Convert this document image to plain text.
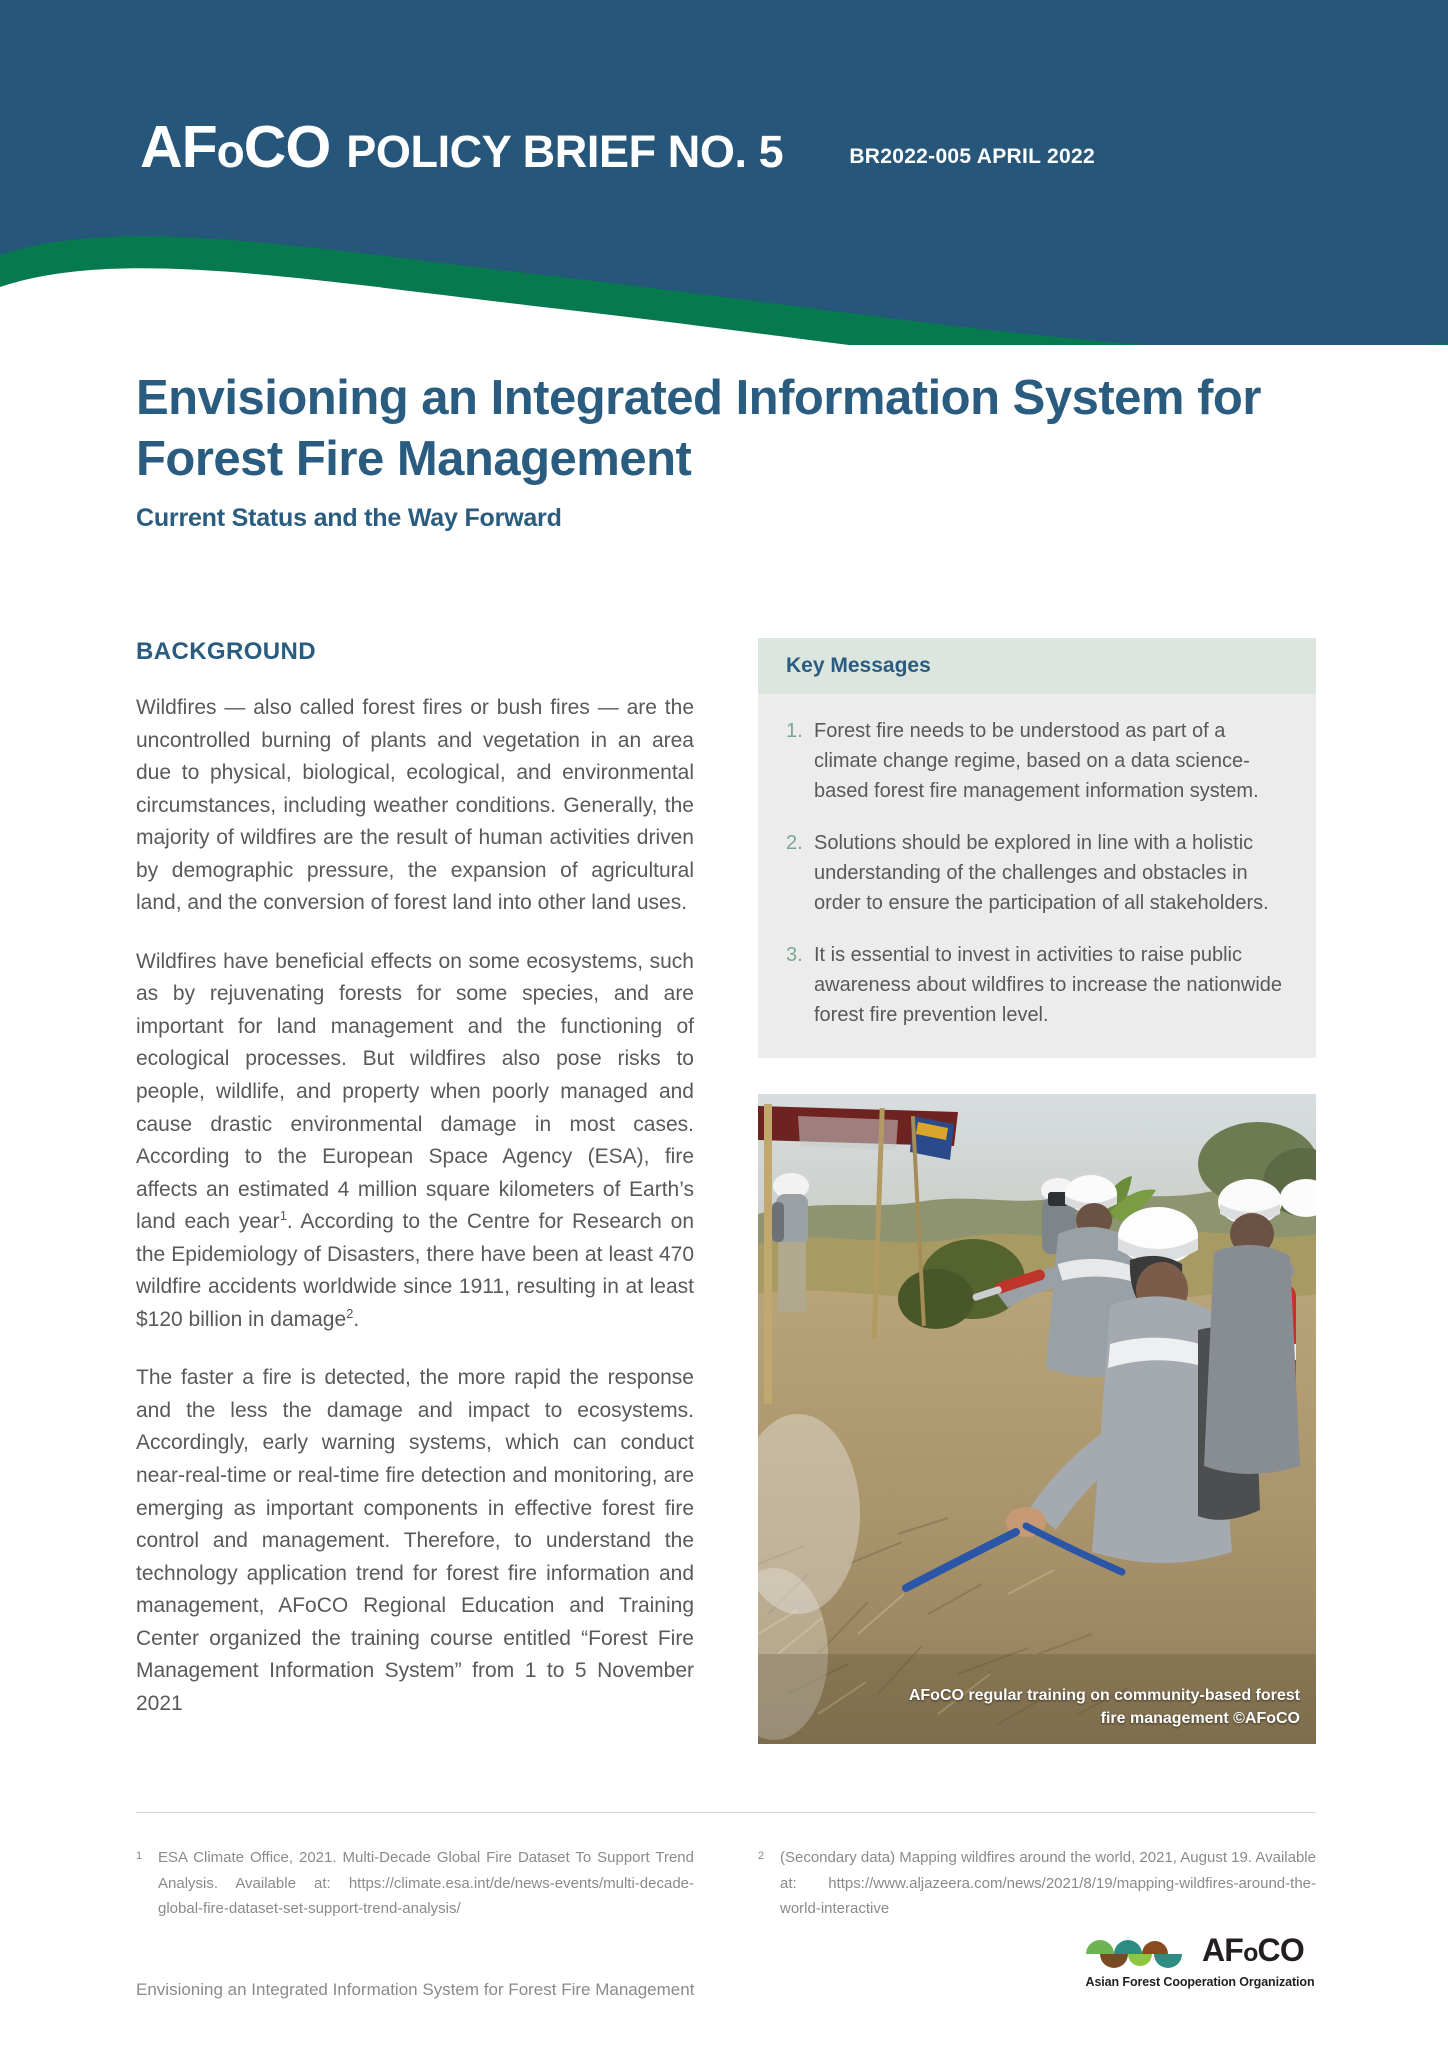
AFoCO POLICY BRIEF NO. 5	BR2022-005 APRIL 2022
Envisioning an Integrated Information System for Forest Fire Management

Current Status and the Way Forward

BACKGROUND

Wildfires — also called forest fires or bush fires — are the uncontrolled burning of plants and vegetation in an area due to physical, biological, ecological, and environmental circumstances, including weather conditions. Generally, the majority of wildfires are the result of human activities driven by demographic pressure, the expansion of agricultural land, and the conversion of forest land into other land uses.

Wildfires have beneficial effects on some ecosystems, such as by rejuvenating forests for some species, and are important for land management and the functioning of ecological processes. But wildfires also pose risks to people, wildlife, and property when poorly managed and cause drastic environmental damage in most cases. According to the European Space Agency (ESA), fire affects an estimated 4 million square kilometers of Earth’s land each year$^1$. According to the Centre for Research on the Epidemiology of Disasters, there have been at least 470 wildfire accidents worldwide since 1911, resulting in at least $120 billion in damage$^2$.

The faster a fire is detected, the more rapid the response and the less the damage and impact to ecosystems. Accordingly, early warning systems, which can conduct near-real-time or real-time fire detection and monitoring, are emerging as important components in effective forest fire control and management. Therefore, to understand the technology application trend for forest fire information and management, AFoCO Regional Education and Training Center organized the training course entitled “Forest Fire Management Information System” from 1 to 5 November 2021

Key Messages

1. Forest fire needs to be understood as part of a climate change regime, based on a data science-based forest fire management information system.
2. Solutions should be explored in line with a holistic understanding of the challenges and obstacles in order to ensure the participation of all stakeholders.
3. It is essential to invest in activities to raise public awareness about wildfires to increase the nationwide forest fire prevention level.
AFoCO regular training on community-based forest fire management ©AFoCO
1	ESA Climate Office, 2021. Multi-Decade Global Fire Dataset To Support Trend Analysis. Available at: https://climate.esa.int/de/news-events/multi-decade-global-fire-dataset-set-support-trend-analysis/
2	(Secondary data) Mapping wildfires around the world, 2021, August 19. Available at: https://www.aljazeera.com/news/2021/8/19/mapping-wildfires-around-the-world-interactive
Envisioning an Integrated Information System for Forest Fire Management
AFoCO
Asian Forest Cooperation Organization
